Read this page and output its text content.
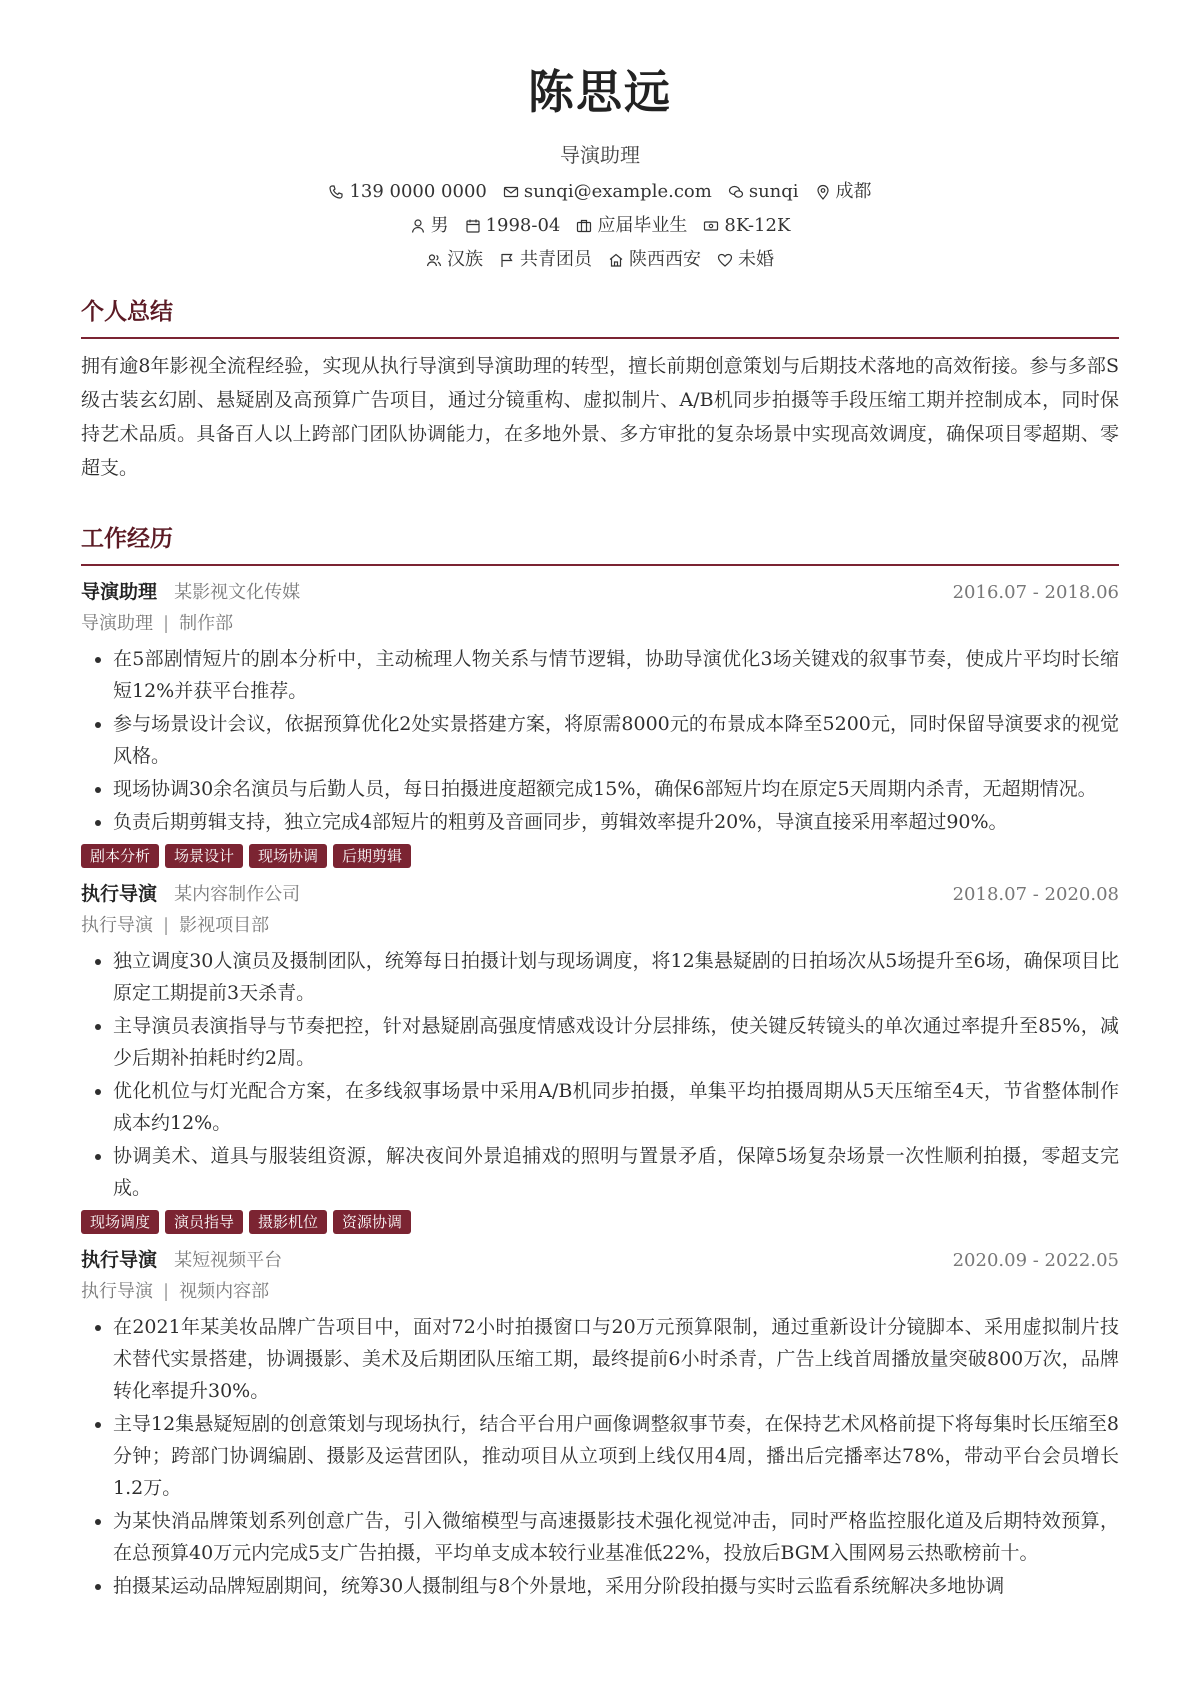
陈思远
导演助理
139 0000 0000 sunqi@example.com sunqi 成都
男 1998-04 应届毕业生 8K-12K
汉族 共青团员 陕西西安 未婚
个人总结
拥有逾8年影视全流程经验，实现从执行导演到导演助理的转型，擅长前期创意策划与后期技术落地的高效衔接。参与多部S级古装玄幻剧、悬疑剧及高预算广告项目，通过分镜重构、虚拟制片、A/B机同步拍摄等手段压缩工期并控制成本，同时保持艺术品质。具备百人以上跨部门团队协调能力，在多地外景、多方审批的复杂场景中实现高效调度，确保项目零超期、零超支。
工作经历
导演助理 某影视文化传媒	2016.07 - 2018.06
导演助理 | 制作部
• 在5部剧情短片的剧本分析中，主动梳理人物关系与情节逻辑，协助导演优化3场关键戏的叙事节奏，使成片平均时长缩短12%并获平台推荐。
• 参与场景设计会议，依据预算优化2处实景搭建方案，将原需8000元的布景成本降至5200元，同时保留导演要求的视觉风格。
• 现场协调30余名演员与后勤人员，每日拍摄进度超额完成15%，确保6部短片均在原定5天周期内杀青，无超期情况。
• 负责后期剪辑支持，独立完成4部短片的粗剪及音画同步，剪辑效率提升20%，导演直接采用率超过90%。
剧本分析	场景设计	现场协调	后期剪辑
执行导演 某内容制作公司	2018.07 - 2020.08
执行导演 | 影视项目部
• 独立调度30人演员及摄制团队，统筹每日拍摄计划与现场调度，将12集悬疑剧的日拍场次从5场提升至6场，确保项目比原定工期提前3天杀青。
• 主导演员表演指导与节奏把控，针对悬疑剧高强度情感戏设计分层排练，使关键反转镜头的单次通过率提升至85%，减少后期补拍耗时约2周。
• 优化机位与灯光配合方案，在多线叙事场景中采用A/B机同步拍摄，单集平均拍摄周期从5天压缩至4天，节省整体制作成本约12%。
• 协调美术、道具与服装组资源，解决夜间外景追捕戏的照明与置景矛盾，保障5场复杂场景一次性顺利拍摄，零超支完成。
现场调度	演员指导	摄影机位	资源协调
执行导演 某短视频平台	2020.09 - 2022.05
执行导演 | 视频内容部
• 在2021年某美妆品牌广告项目中，面对72小时拍摄窗口与20万元预算限制，通过重新设计分镜脚本、采用虚拟制片技术替代实景搭建，协调摄影、美术及后期团队压缩工期，最终提前6小时杀青，广告上线首周播放量突破800万次，品牌转化率提升30%。
• 主导12集悬疑短剧的创意策划与现场执行，结合平台用户画像调整叙事节奏，在保持艺术风格前提下将每集时长压缩至8分钟；跨部门协调编剧、摄影及运营团队，推动项目从立项到上线仅用4周，播出后完播率达78%，带动平台会员增长1.2万。
• 为某快消品牌策划系列创意广告，引入微缩模型与高速摄影技术强化视觉冲击，同时严格监控服化道及后期特效预算，在总预算40万元内完成5支广告拍摄，平均单支成本较行业基准低22%，投放后BGM入围网易云热歌榜前十。
• 拍摄某运动品牌短剧期间，统筹30人摄制组与8个外景地，采用分阶段拍摄与实时云监看系统解决多地协调
